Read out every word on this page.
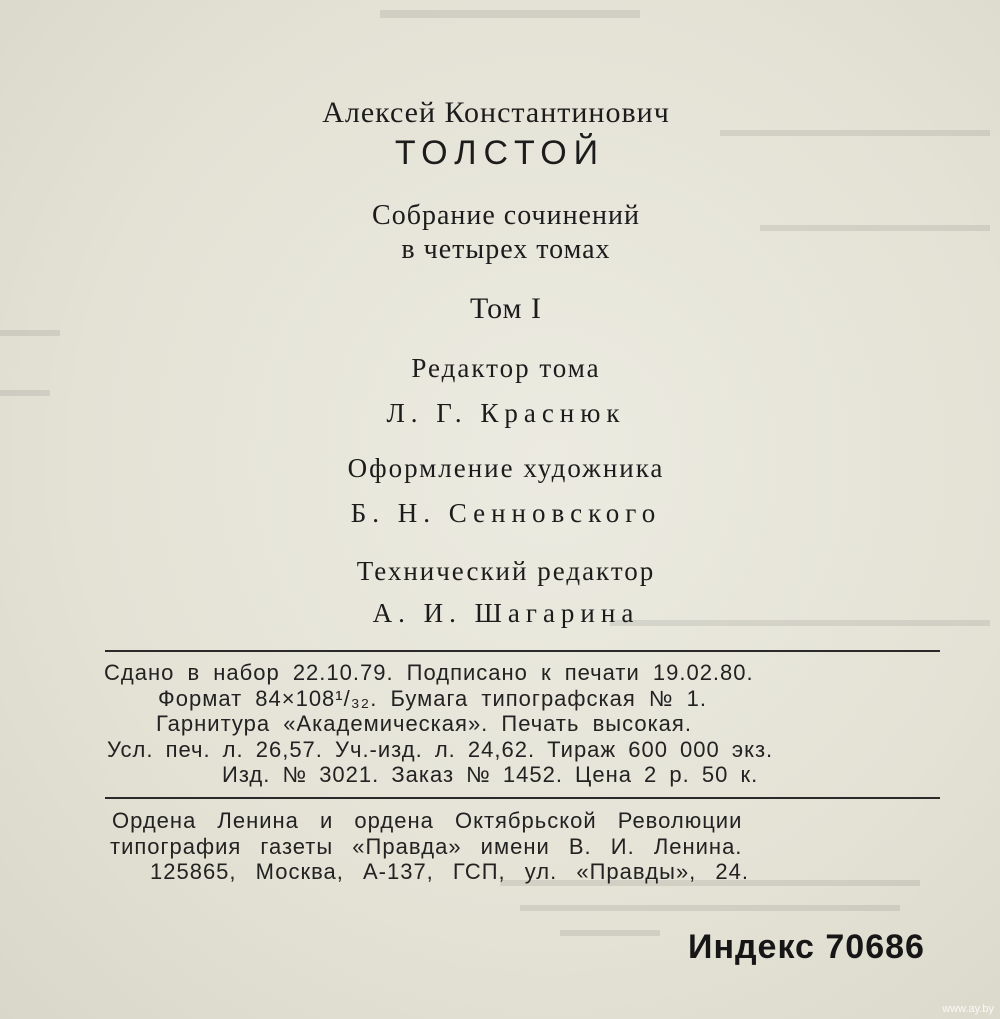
Алексей Константинович
ТОЛСТОЙ
Собрание сочинений
в четырех томах
Том I
Редактор тома
Л. Г. Краснюк
Оформление художника
Б. Н. Сенновского
Технический редактор
А. И. Шагарина
Сдано в набор 22.10.79. Подписано к печати 19.02.80.
Формат 84×108¹/₃₂. Бумага типографская № 1.
Гарнитура «Академическая». Печать высокая.
Усл. печ. л. 26,57. Уч.-изд. л. 24,62. Тираж 600 000 экз.
Изд. № 3021. Заказ № 1452. Цена 2 р. 50 к.
Ордена Ленина и ордена Октябрьской Революции
типография газеты «Правда» имени В. И. Ленина.
125865, Москва, А-137, ГСП, ул. «Правды», 24.
Индекс 70686
www.ay.by
